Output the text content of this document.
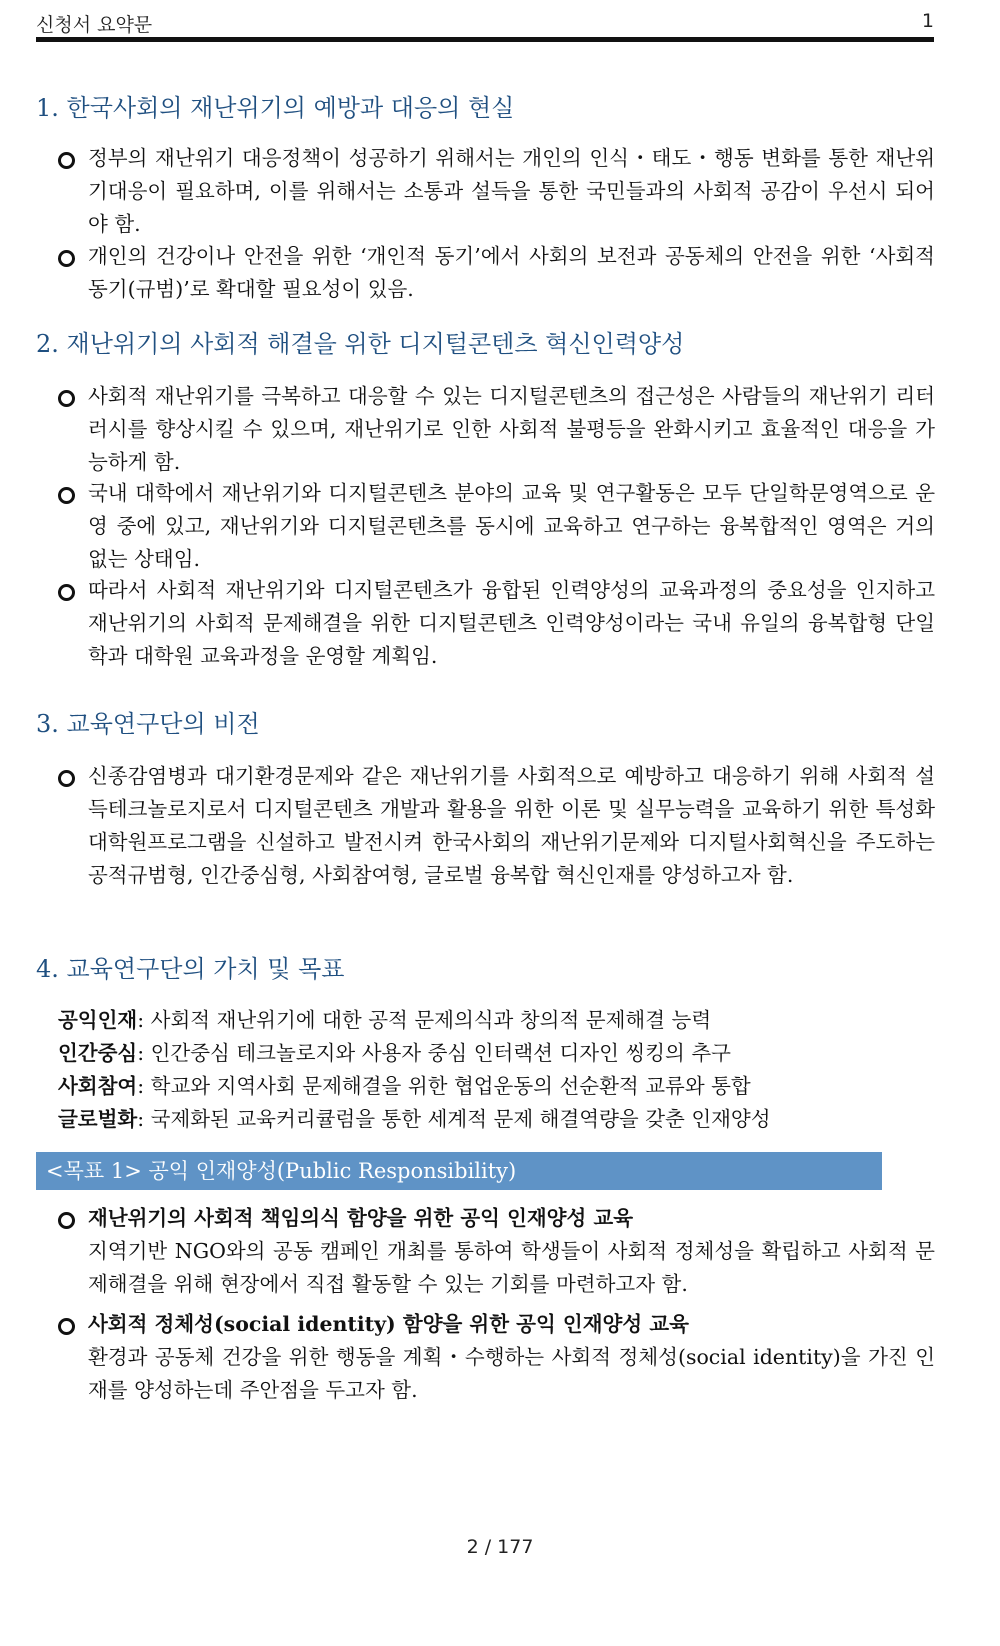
신청서 요약문	1
1. 한국사회의 재난위기의 예방과 대응의 현실
정부의 재난위기 대응정책이 성공하기 위해서는 개인의 인식・태도・행동 변화를 통한 재난위기대응이 필요하며, 이를 위해서는 소통과 설득을 통한 국민들과의 사회적 공감이 우선시 되어야 함.
개인의 건강이나 안전을 위한 ‘개인적 동기’에서 사회의 보전과 공동체의 안전을 위한 ‘사회적 동기(규범)’로 확대할 필요성이 있음.
2. 재난위기의 사회적 해결을 위한 디지털콘텐츠 혁신인력양성
사회적 재난위기를 극복하고 대응할 수 있는 디지털콘텐츠의 접근성은 사람들의 재난위기 리터러시를 향상시킬 수 있으며, 재난위기로 인한 사회적 불평등을 완화시키고 효율적인 대응을 가능하게 함.
국내 대학에서 재난위기와 디지털콘텐츠 분야의 교육 및 연구활동은 모두 단일학문영역으로 운영 중에 있고, 재난위기와 디지털콘텐츠를 동시에 교육하고 연구하는 융복합적인 영역은 거의 없는 상태임.
따라서 사회적 재난위기와 디지털콘텐츠가 융합된 인력양성의 교육과정의 중요성을 인지하고 재난위기의 사회적 문제해결을 위한 디지털콘텐츠 인력양성이라는 국내 유일의 융복합형 단일학과 대학원 교육과정을 운영할 계획임.
3. 교육연구단의 비전
신종감염병과 대기환경문제와 같은 재난위기를 사회적으로 예방하고 대응하기 위해 사회적 설득테크놀로지로서 디지털콘텐츠 개발과 활용을 위한 이론 및 실무능력을 교육하기 위한 특성화 대학원프로그램을 신설하고 발전시켜 한국사회의 재난위기문제와 디지털사회혁신을 주도하는 공적규범형, 인간중심형, 사회참여형, 글로벌 융복합 혁신인재를 양성하고자 함.
4. 교육연구단의 가치 및 목표
공익인재: 사회적 재난위기에 대한 공적 문제의식과 창의적 문제해결 능력
인간중심: 인간중심 테크놀로지와 사용자 중심 인터랙션 디자인 씽킹의 추구
사회참여: 학교와 지역사회 문제해결을 위한 협업운동의 선순환적 교류와 통합
글로벌화: 국제화된 교육커리큘럼을 통한 세계적 문제 해결역량을 갖춘 인재양성
<목표 1> 공익 인재양성(Public Responsibility)
재난위기의 사회적 책임의식 함양을 위한 공익 인재양성 교육
지역기반 NGO와의 공동 캠페인 개최를 통하여 학생들이 사회적 정체성을 확립하고 사회적 문제해결을 위해 현장에서 직접 활동할 수 있는 기회를 마련하고자 함.
사회적 정체성(social identity) 함양을 위한 공익 인재양성 교육
환경과 공동체 건강을 위한 행동을 계획・수행하는 사회적 정체성(social identity)을 가진 인재를 양성하는데 주안점을 두고자 함.
2 / 177
